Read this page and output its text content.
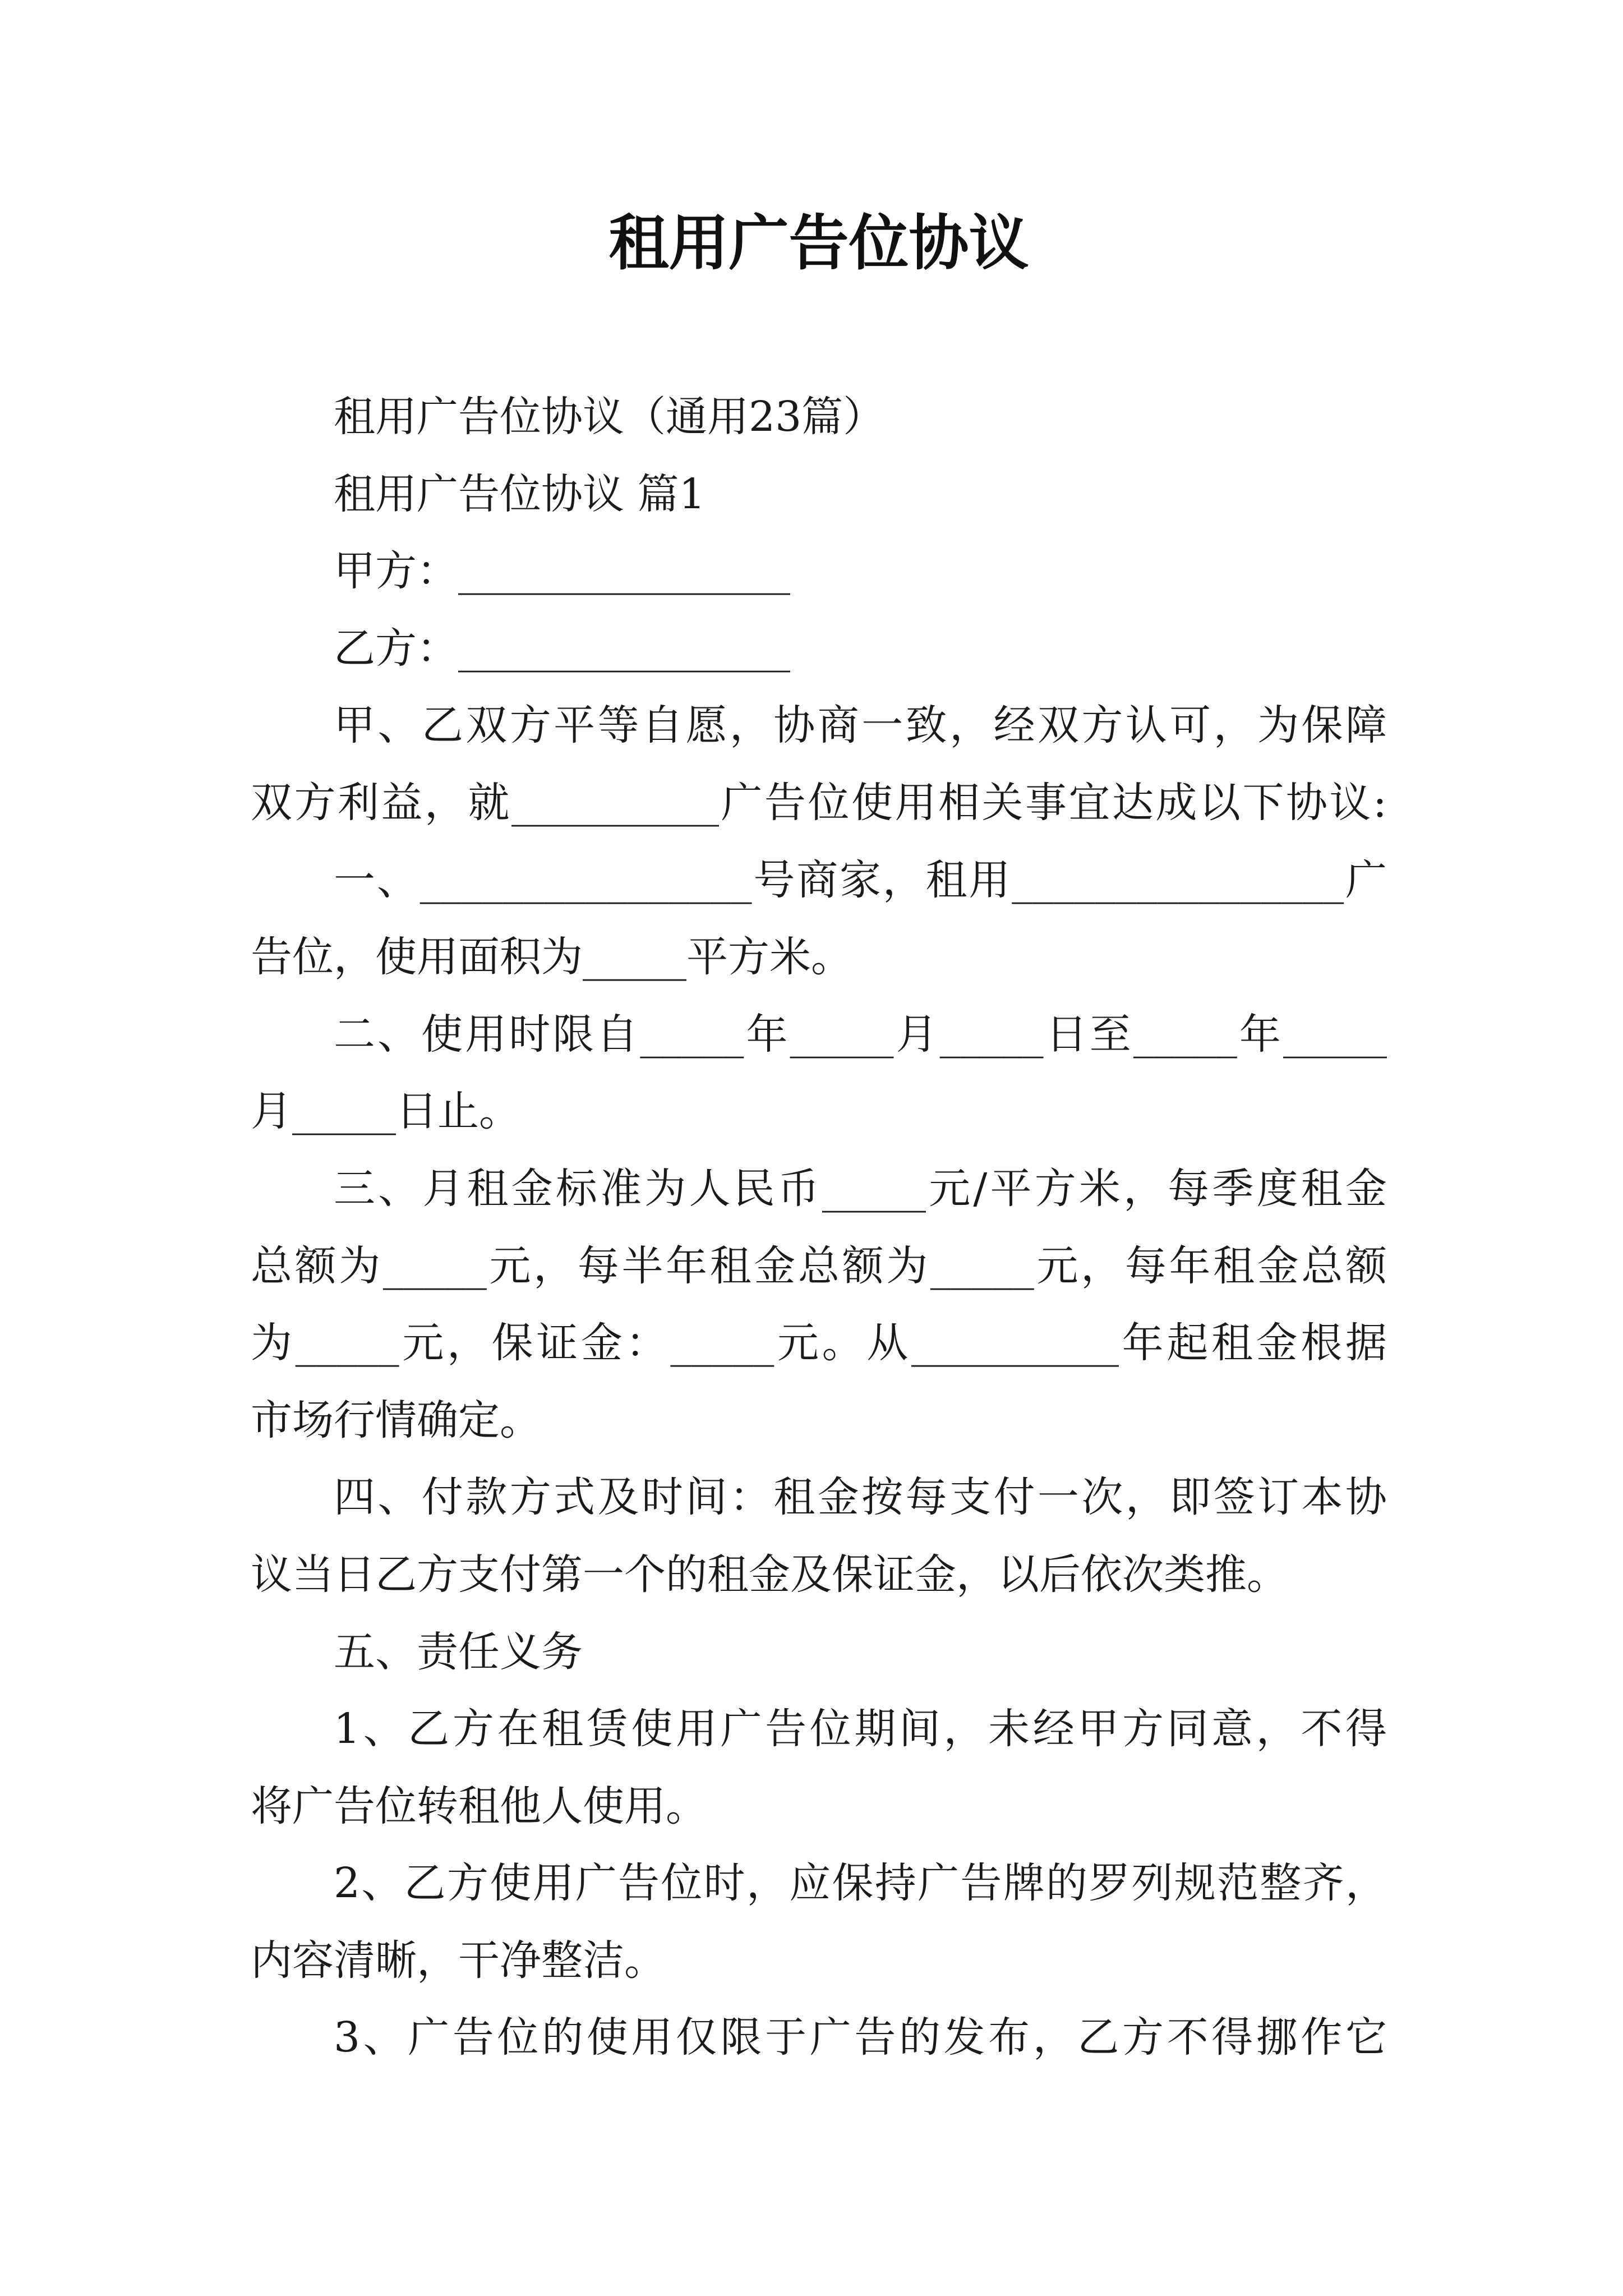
租用广告位协议
租用广告位协议（通用23篇）
租用广告位协议 篇1
甲方：________________
乙方：________________
甲、乙双方平等自愿，协商一致，经双方认可，为保障
双方利益，就__________广告位使用相关事宜达成以下协议:
一、________________号商家，租用________________广
告位，使用面积为_____平方米。
二、使用时限自_____年_____月_____日至_____年_____
月_____日止。
三、月租金标准为人民币_____元/平方米，每季度租金
总额为_____元，每半年租金总额为_____元，每年租金总额
为_____元，保证金：_____元。从__________年起租金根据
市场行情确定。
四、付款方式及时间：租金按每支付一次，即签订本协
议当日乙方支付第一个的租金及保证金，以后依次类推。
五、责任义务
1、乙方在租赁使用广告位期间，未经甲方同意，不得
将广告位转租他人使用。
2、乙方使用广告位时，应保持广告牌的罗列规范整齐，
内容清晰，干净整洁。
3、广告位的使用仅限于广告的发布，乙方不得挪作它
